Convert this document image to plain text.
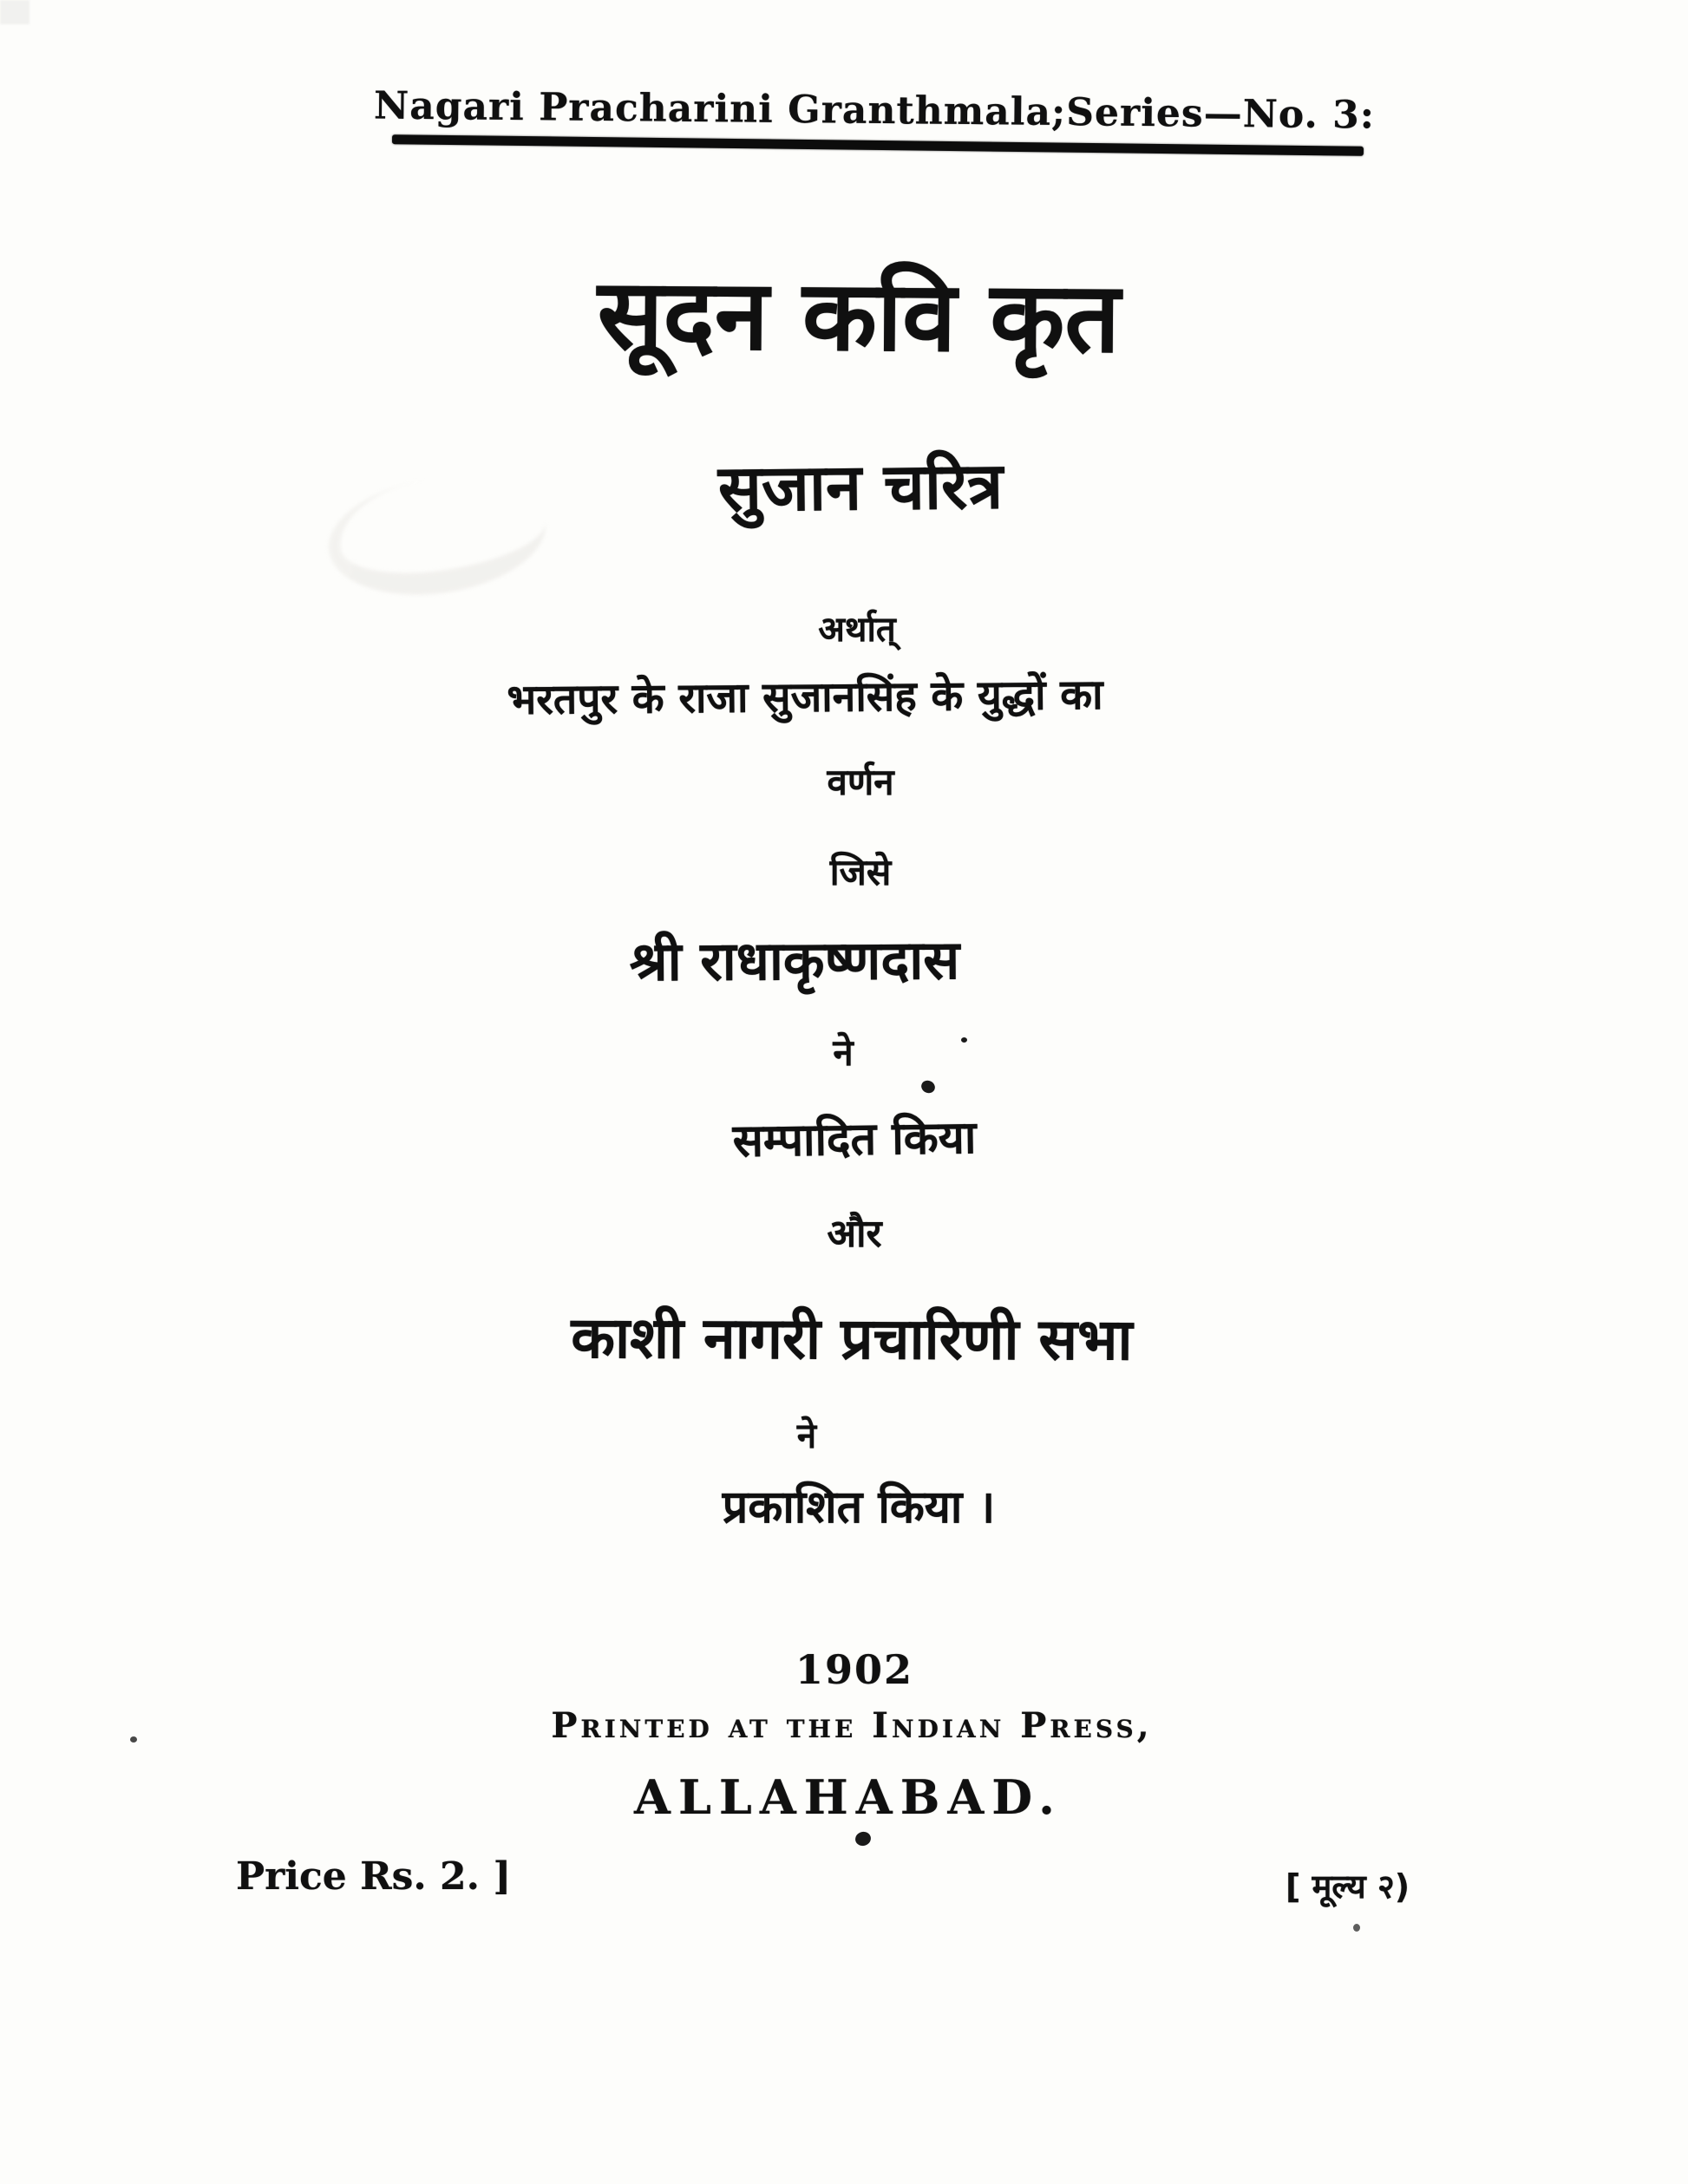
Nagari Pracharini Granthmala;Series—No. 3:
सूदन कवि कृत
सुजान चरित्र
अर्थात्
भरतपुर के राजा सुजानसिंह के युद्धों का
वर्णन
जिसे
श्री राधाकृष्णदास
ने
सम्पादित किया
और
काशी नागरी प्रचारिणी सभा
ने
प्रकाशित किया ।
1902
Printed at the Indian Press,
ALLAHABAD.
Price Rs. 2. ]	[ मूल्य २)
